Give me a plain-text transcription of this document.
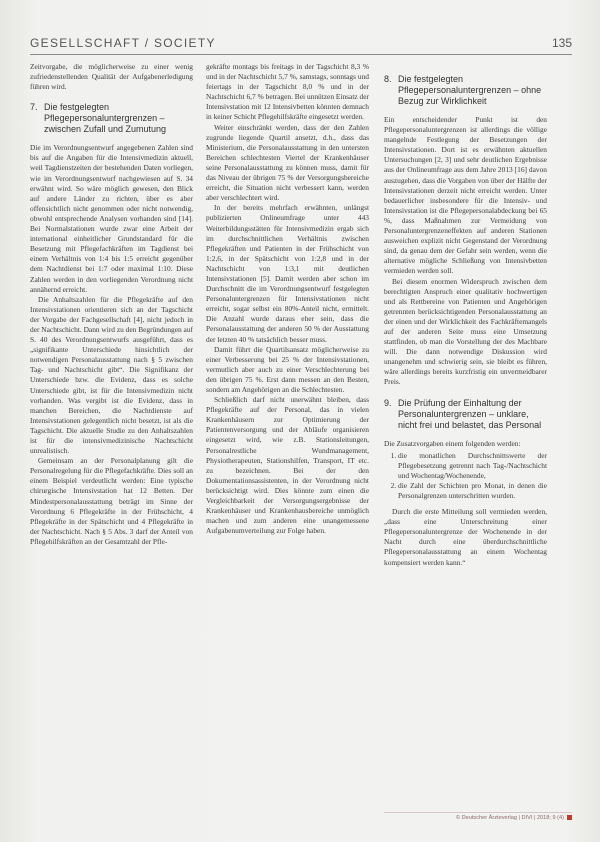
GESELLSCHAFT / SOCIETY	135

Zeitvorgabe, die möglicherweise zu einer wenig zufriedenstellenden Qualität der Aufgabenerledigung führen wird.

7. Die festgelegten Pflegepersonaluntergrenzen – zwischen Zufall und Zumutung

Die im Verordnungsentwurf angegebenen Zahlen sind bis auf die Angaben für die Intensivmedizin aktuell, weil Tagdienstzeiten der bestehenden Daten vorliegen, wie im Verordnungsentwurf nachgewiesen auf S. 34 erwähnt wird. So wäre möglich gewesen, den Blick auf andere Länder zu richten, über es aber offensichtlich nicht genommen oder nicht notwendig, obwohl entsprechende Analysen vorhanden sind [14]. Bei Normalstationen wurde zwar eine Arbeit der international einheitlicher Grundstandard für die Besetzung mit Pflegefachkräften im Tagdienst bei einem Verhältnis von 1:4 bis 1:5 erreicht gegenüber dem Nachtdienst bei 1:7 oder maximal 1:10. Diese Zahlen werden in den vorliegenden Verordnung nicht annähernd erreicht.

Die Anhaltszahlen für die Pflegekräfte auf den Intensivstationen orientieren sich an der Tagschicht der Vorgabe der Fachgesellschaft [4], nicht jedoch in der Nachtschicht. Dann wird zu den Begründungen auf S. 40 des Verordnungsentwurfs ausgeführt, dass es „signifikante Unterschiede hinsichtlich der notwendigen Personalausstattung nach § 5 zwischen Tag- und Nachtschicht gibt“. Die Signifikanz der Unterschiede bzw. die Evidenz, dass es solche Unterschiede gibt, ist für die Intensivmedizin nicht vorhanden. Was vergibt ist die Evidenz, dass in manchen Bereichen, die Nachtdienste auf Intensivstationen gelegentlich nicht besetzt, ist als die Tagschicht. Die aktuelle Studie zu den Anhaltszahlen ist für die intensivmedizinische Nachtschicht unrealistisch.

Gemeinsam an der Personalplanung gilt die Personalregelung für die Pflegefachkräfte. Dies soll an einem Beispiel verdeutlicht werden: Eine typische chirurgische Intensivstation hat 12 Betten. Der Mindestpersonalausstattung beträgt im Sinne der Verordnung 6 Pflegekräfte in der Frühschicht, 4 Pflegekräfte in der Spätschicht und 4 Pflegekräfte in der Nachtschicht. Nach § 5 Abs. 3 darf der Anteil von Pflegehilfskräften an der Gesamtzahl der Pfle-

gekräfte montags bis freitags in der Tagschicht 8,3 % und in der Nachtschicht 5,7 %, samstags, sonntags und feiertags in der Tagschicht 8,0 % und in der Nachtschicht 6,7 % betragen. Bei unnützen Einsatz der Intensivstation mit 12 Intensivbetten könnten demnach in keiner Schicht Pflegehilfskräfte eingesetzt werden.

Weiter einschränkt werden, dass der den Zahlen zugrunde liegende Quartil ansetzt, d.h., dass das Ministerium, die Personalausstattung in den untersten Bereichen schlechtesten Viertel der Krankenhäuser seine Personalausstattung zu können muss, damit für das Niveau der übrigen 75 % der Versorgungsbereiche erreicht, die Situation nicht verbessert kann, werden aber verschlechtert wird.

In der bereits mehrfach erwähnten, unlängst publizierten Onlineumfrage unter 443 Weiterbildungsstätten für Intensivmedizin ergab sich im durchschnittlichen Verhältnis zwischen Pflegekräften und Patienten in der Frühschicht von 1:2,6, in der Spätschicht von 1:2,8 und in der Nachtschicht von 1:3,1 mit deutlichen Intensivstationen [5]. Damit werden aber schon im Durchschnitt die im Verordnungsentwurf festgelegten Personaluntergrenzen für Intensivstationen nicht erreicht, sogar selbst ein 80%-Anteil nicht, ermittelt. Die Anzahl wurde daraus eher sein, dass die Personalausstattung der anderen 50 % der Ausstattung der letzten 40 % tatsächlich besser muss.

Damit führt die Quartilsansatz möglicherweise zu einer Verbesserung bei 25 % der Intensivstationen, vermutlich aber auch zu einer Verschlechterung bei den übrigen 75 %. Erst dann messen an den Besten, sondern am Angehörigen an die Schlechtesten.

Schließlich darf nicht unerwähnt bleiben, dass Pflegekräfte auf der Personal, das in vielen Krankenhäusern zur Optimierung der Patientenversorgung und der Abläufe organisieren eingesetzt wird, wie z.B. Stationsleitungen, Personalrestliche Wundmanagement, Physiotherapeuten, Stationshilfen, Transport, IT etc. zu bezeichnen. Bei der den Dokumentationsassistenten, in der Verordnung nicht berücksichtigt wird. Dies könnte zum einen die Vergleichbarkeit der Versorgungsergebnisse der Krankenhäuser und Krankenhausbereiche unmöglich machen und zum anderen eine unangemessene Aufgabenumverteilung zur Folge haben.

8. Die festgelegten Pflegepersonaluntergrenzen – ohne Bezug zur Wirklichkeit

Ein entscheidender Punkt ist den Pflegepersonaluntergrenzen ist allerdings die völlige mangelnde Festlegung der Besetzungen der Intensivstationen. Dort ist es erwähnten aktuellen Untersuchungen [2, 3] und sehr deutlichen Ergebnisse aus der Onlineumfrage aus dem Jahre 2013 [16] davon auszugehen, dass die Vorgaben von über der Hälfte der Intensivstationen derzeit nicht erreicht werden. Unter bedauerlicher insbesondere für die Intensiv- und Intensivstation ist die Pflegepersonalabdeckung bei 65 %, dass Maßnahmen zur Vermeidung von Personaluntergrenzeneffekten auf anderen Stationen ausweichen explizit nicht Gegenstand der Verordnung sind, da genau dem der Gefahr sein werden, wenn die alternative mögliche Schließung von Intensivbetten vermieden werden soll.

Bei diesem enormen Widerspruch zwischen dem berechtigten Anspruch einer qualitativ hochwertigen und als Rettbereine von Patienten und Angehörigen getrennten berücksichtigenden Personalausstattung an der einen und der Wirklichkeit des Fachkräftemangels auf der anderen Seite muss eine Umsetzung stattfinden, ob man die Vorstellung der des Machbare will. Die dann notwendige Diskussion wird unangenehm und schwierig sein, sie bleibt es führen, wäre allerdings bereits kurzfristig ein unvermeidbarer Preis.

9. Die Prüfung der Einhaltung der Personaluntergrenzen – unklare, nicht frei und belastet, das Personal

Die Zusatzvorgaben einem folgenden werden:

1. die monatlichen Durchschnittswerte der Pflegebesetzung getrennt nach Tag-/Nachtschicht und Wochentag/Wochenende,
2. die Zahl der Schichten pro Monat, in denen die Personalgrenzen unterschritten wurden.

Durch die erste Mitteilung soll vermieden werden, „dass eine Unterschreitung einer Pflegepersonaluntergrenze der Wochenende in der Nacht durch eine überdurchschnittliche Pflegepersonalausstattung an einem Wochentag kompensiert werden kann.“

© Deutscher Ärzteverlag | DIVI | 2018; 9 (4)
